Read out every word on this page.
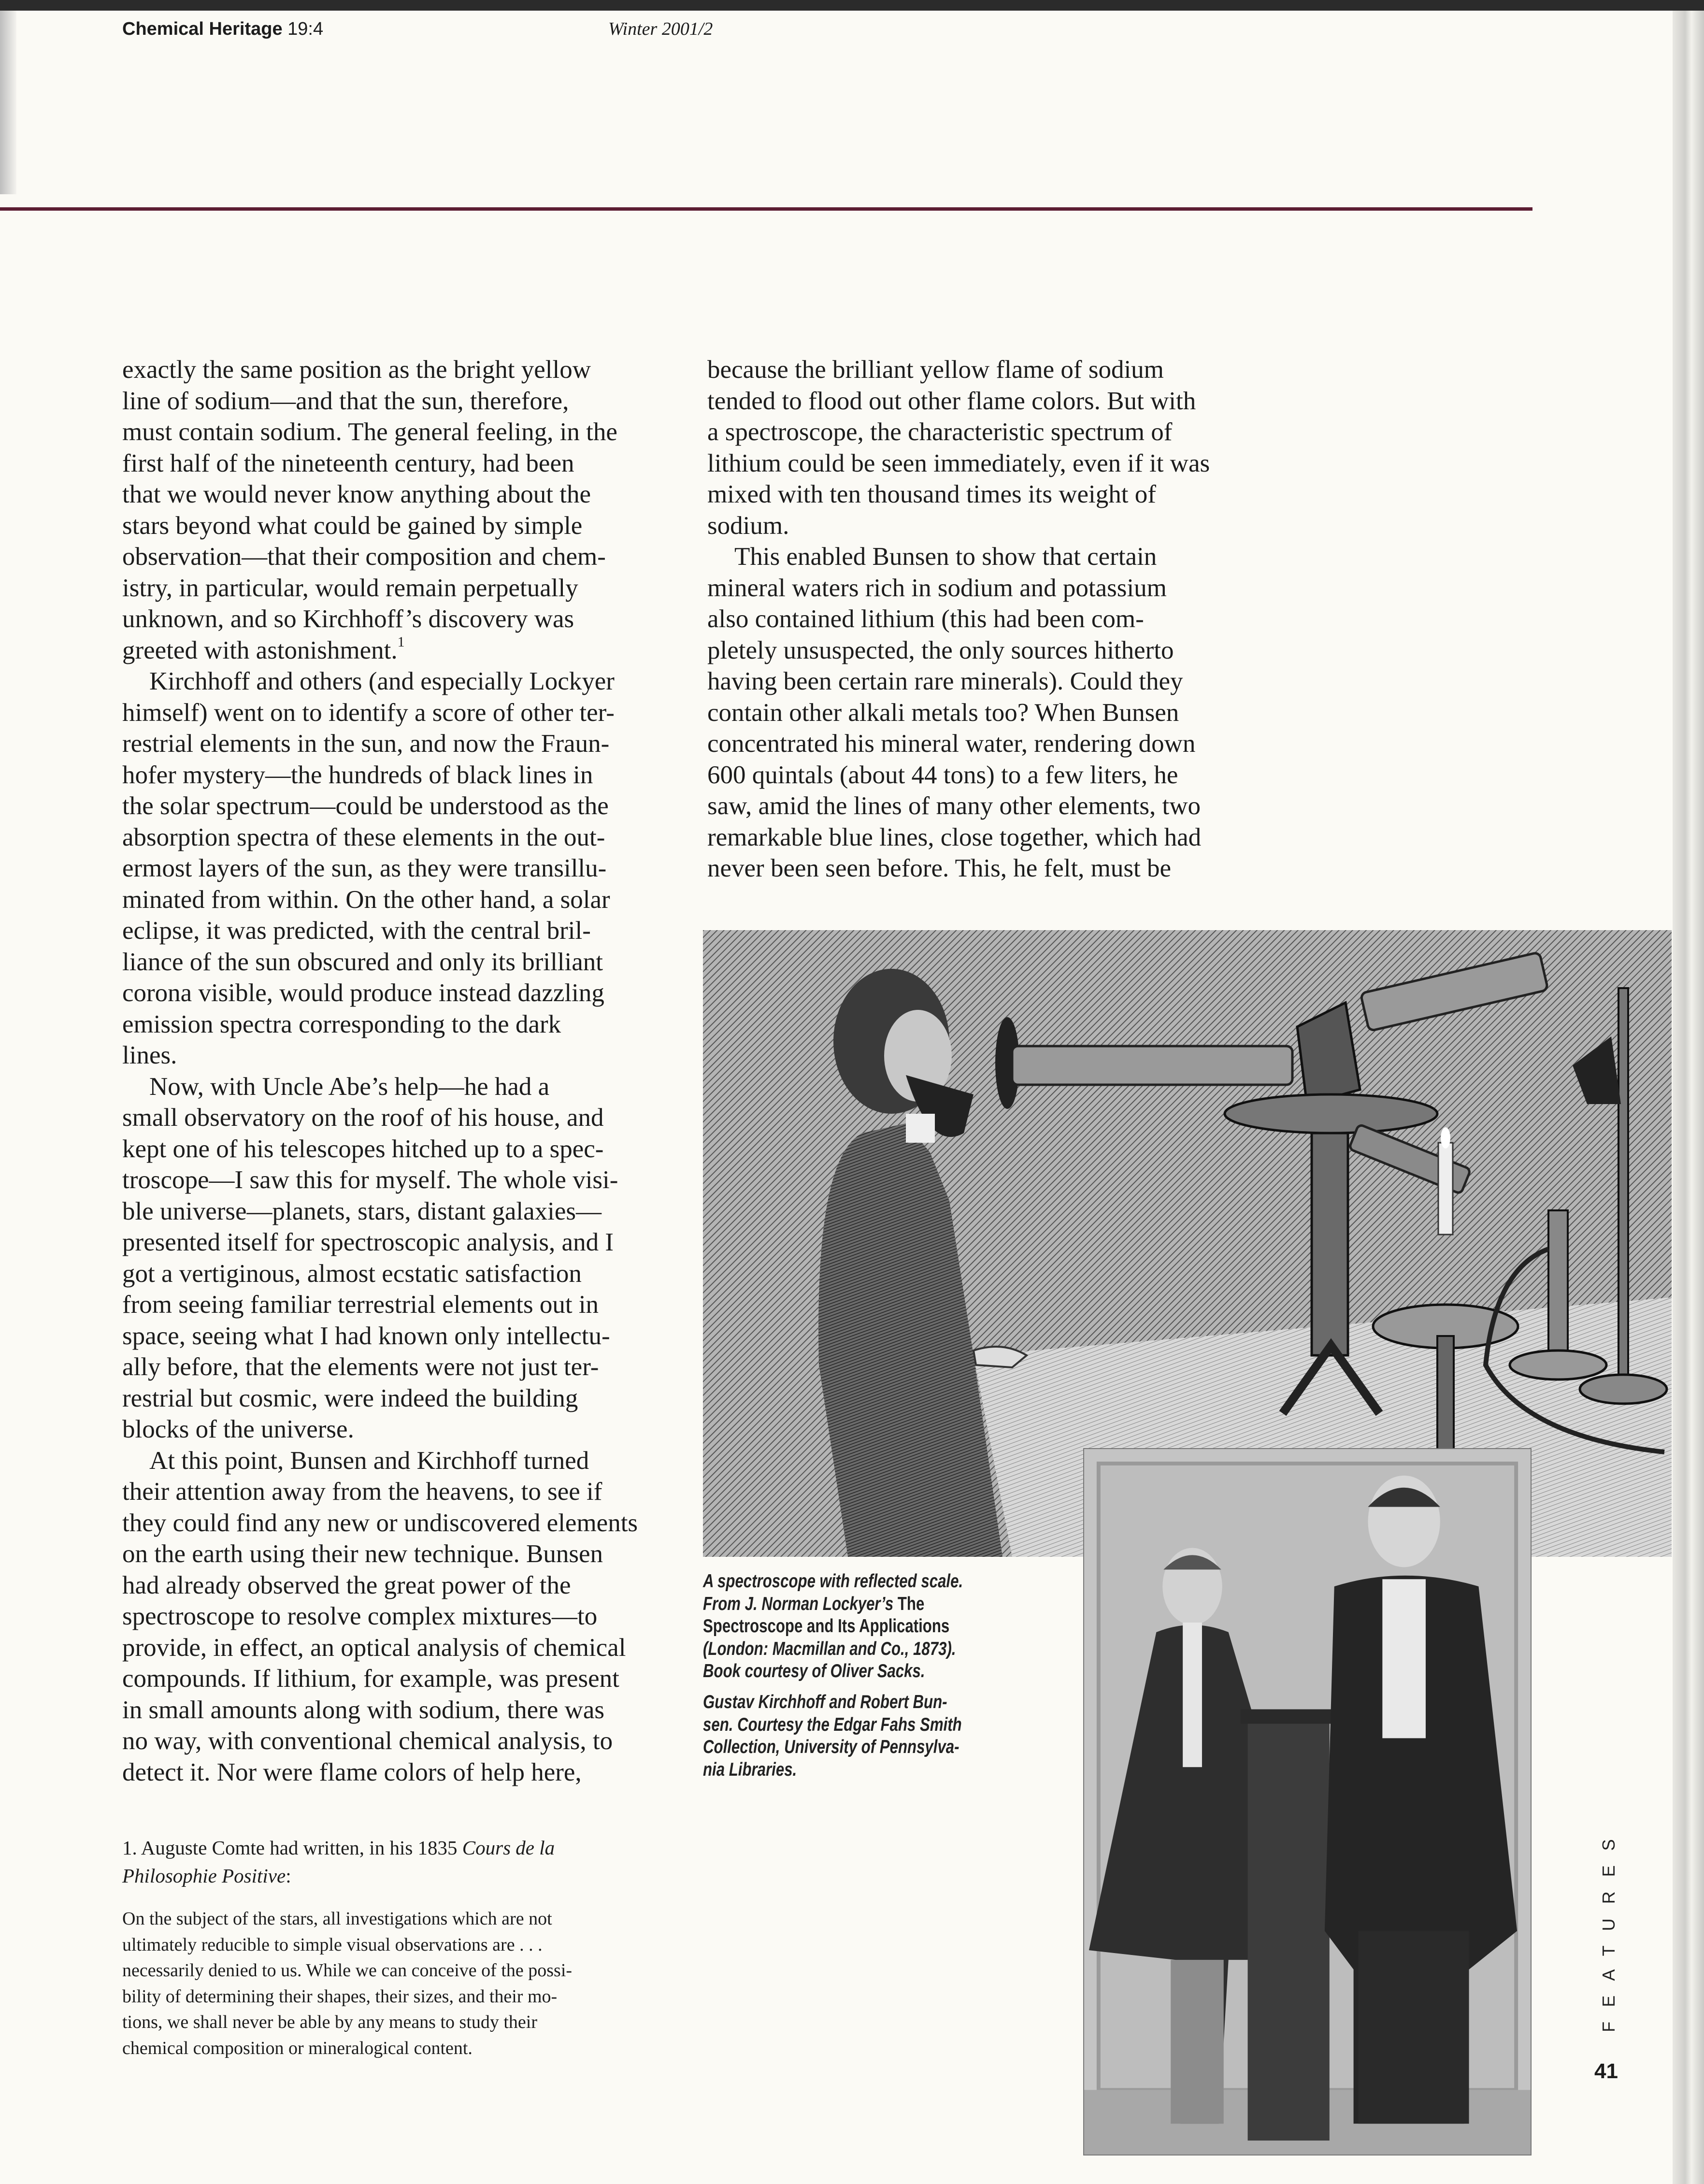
Chemical Heritage 19:4	Winter 2001/2
exactly the same position as the bright yellow
line of sodium—and that the sun, therefore,
must contain sodium. The general feeling, in the
first half of the nineteenth century, had been
that we would never know anything about the
stars beyond what could be gained by simple
observation—that their composition and chem-
istry, in particular, would remain perpetually
unknown, and so Kirchhoff’s discovery was
greeted with astonishment.$^1$
Kirchhoff and others (and especially Lockyer
himself) went on to identify a score of other ter-
restrial elements in the sun, and now the Fraun-
hofer mystery—the hundreds of black lines in
the solar spectrum—could be understood as the
absorption spectra of these elements in the out-
ermost layers of the sun, as they were transillu-
minated from within. On the other hand, a solar
eclipse, it was predicted, with the central bril-
liance of the sun obscured and only its brilliant
corona visible, would produce instead dazzling
emission spectra corresponding to the dark
lines.
Now, with Uncle Abe’s help—he had a
small observatory on the roof of his house, and
kept one of his telescopes hitched up to a spec-
troscope—I saw this for myself. The whole visi-
ble universe—planets, stars, distant galaxies—
presented itself for spectroscopic analysis, and I
got a vertiginous, almost ecstatic satisfaction
from seeing familiar terrestrial elements out in
space, seeing what I had known only intellectu-
ally before, that the elements were not just ter-
restrial but cosmic, were indeed the building
blocks of the universe.
At this point, Bunsen and Kirchhoff turned
their attention away from the heavens, to see if
they could find any new or undiscovered elements
on the earth using their new technique. Bunsen
had already observed the great power of the
spectroscope to resolve complex mixtures—to
provide, in effect, an optical analysis of chemical
compounds. If lithium, for example, was present
in small amounts along with sodium, there was
no way, with conventional chemical analysis, to
detect it. Nor were flame colors of help here,
because the brilliant yellow flame of sodium
tended to flood out other flame colors. But with
a spectroscope, the characteristic spectrum of
lithium could be seen immediately, even if it was
mixed with ten thousand times its weight of
sodium.
This enabled Bunsen to show that certain
mineral waters rich in sodium and potassium
also contained lithium (this had been com-
pletely unsuspected, the only sources hitherto
having been certain rare minerals). Could they
contain other alkali metals too? When Bunsen
concentrated his mineral water, rendering down
600 quintals (about 44 tons) to a few liters, he
saw, amid the lines of many other elements, two
remarkable blue lines, close together, which had
never been seen before. This, he felt, must be
A spectroscope with reflected scale.
From J. Norman Lockyer’s The
Spectroscope and Its Applications
(London: Macmillan and Co., 1873).
Book courtesy of Oliver Sacks.
Gustav Kirchhoff and Robert Bun-
sen. Courtesy the Edgar Fahs Smith
Collection, University of Pennsylva-
nia Libraries.
1. Auguste Comte had written, in his 1835 Cours de la
Philosophie Positive:
On the subject of the stars, all investigations which are not
ultimately reducible to simple visual observations are . . .
necessarily denied to us. While we can conceive of the possi-
bility of determining their shapes, their sizes, and their mo-
tions, we shall never be able by any means to study their
chemical composition or mineralogical content.
FEATURES
41
